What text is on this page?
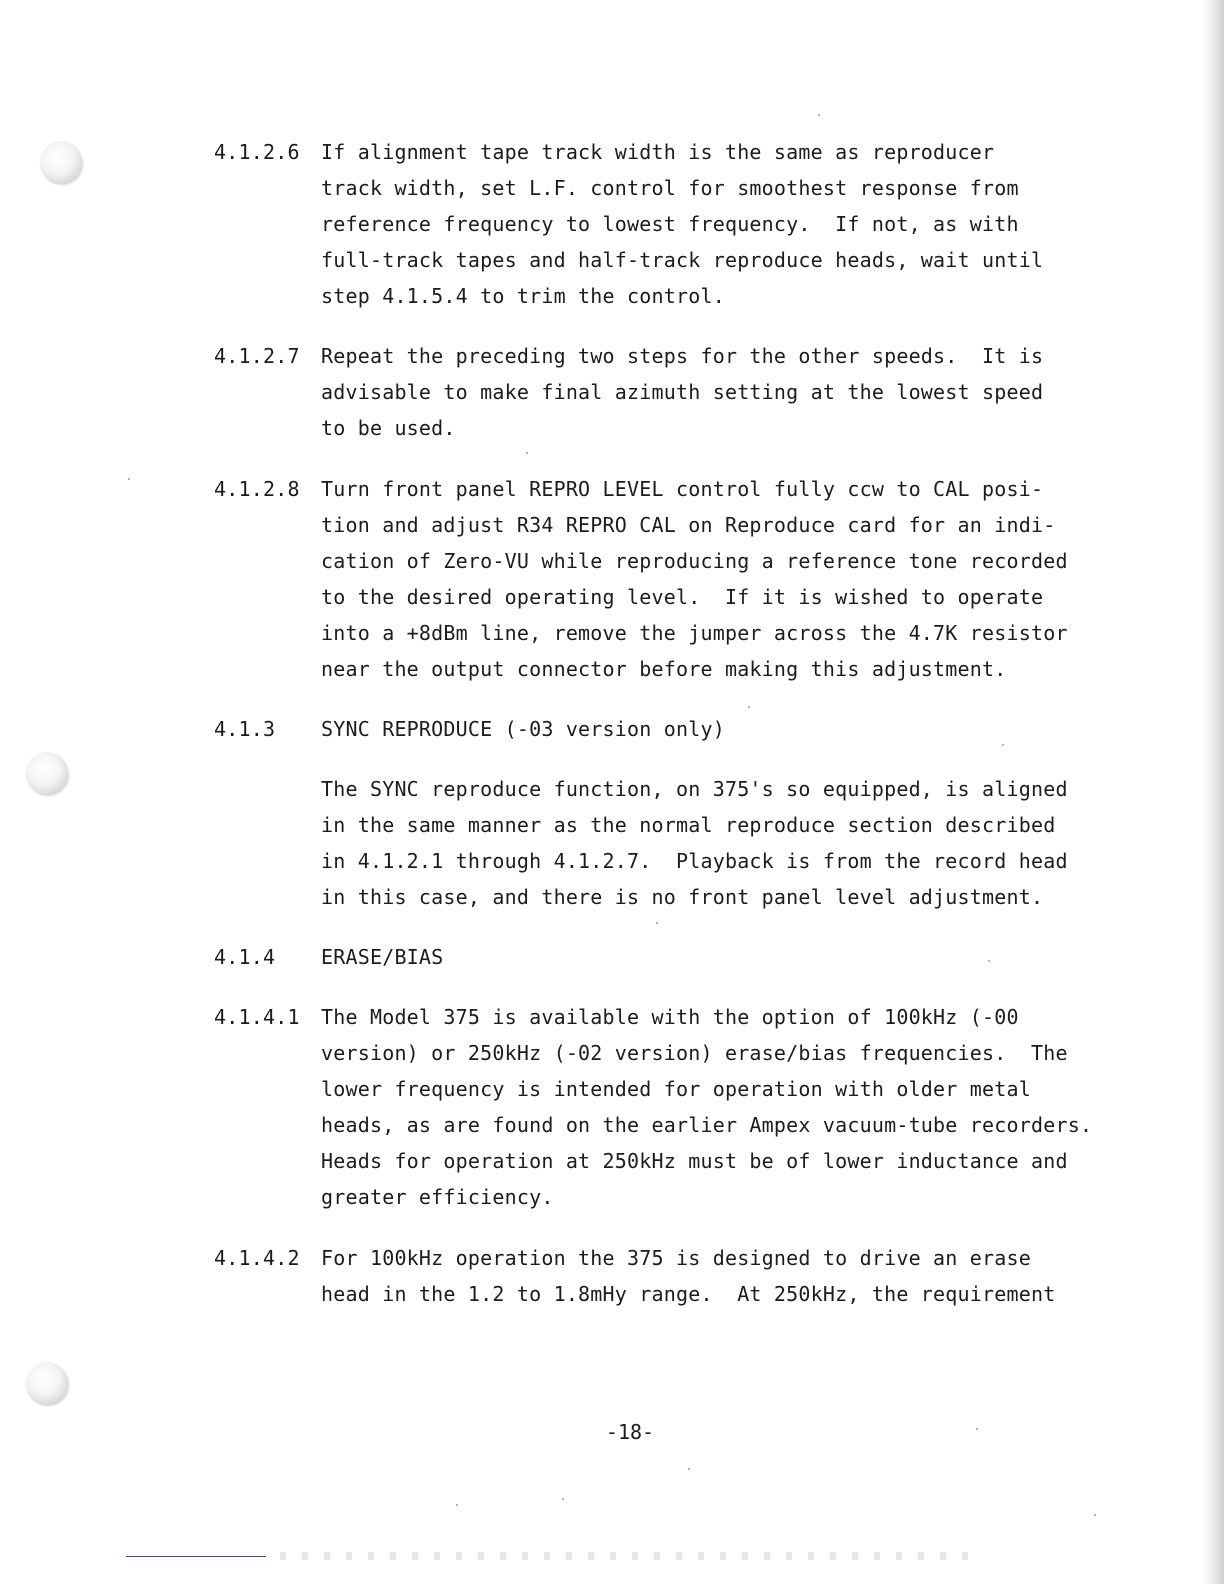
4.1.2.6 If alignment tape track width is the same as reproducer
track width, set L.F. control for smoothest response from
reference frequency to lowest frequency.  If not, as with
full-track tapes and half-track reproduce heads, wait until
step 4.1.5.4 to trim the control.
4.1.2.7 Repeat the preceding two steps for the other speeds.  It is
advisable to make final azimuth setting at the lowest speed
to be used.
4.1.2.8 Turn front panel REPRO LEVEL control fully ccw to CAL posi-
tion and adjust R34 REPRO CAL on Reproduce card for an indi-
cation of Zero-VU while reproducing a reference tone recorded
to the desired operating level.  If it is wished to operate
into a +8dBm line, remove the jumper across the 4.7K resistor
near the output connector before making this adjustment.
4.1.3 SYNC REPRODUCE (-03 version only)
The SYNC reproduce function, on 375's so equipped, is aligned
in the same manner as the normal reproduce section described
in 4.1.2.1 through 4.1.2.7.  Playback is from the record head
in this case, and there is no front panel level adjustment.
4.1.4 ERASE/BIAS
4.1.4.1 The Model 375 is available with the option of 100kHz (-00
version) or 250kHz (-02 version) erase/bias frequencies.  The
lower frequency is intended for operation with older metal
heads, as are found on the earlier Ampex vacuum-tube recorders.
Heads for operation at 250kHz must be of lower inductance and
greater efficiency.
4.1.4.2 For 100kHz operation the 375 is designed to drive an erase
head in the 1.2 to 1.8mHy range.  At 250kHz, the requirement
-18-
